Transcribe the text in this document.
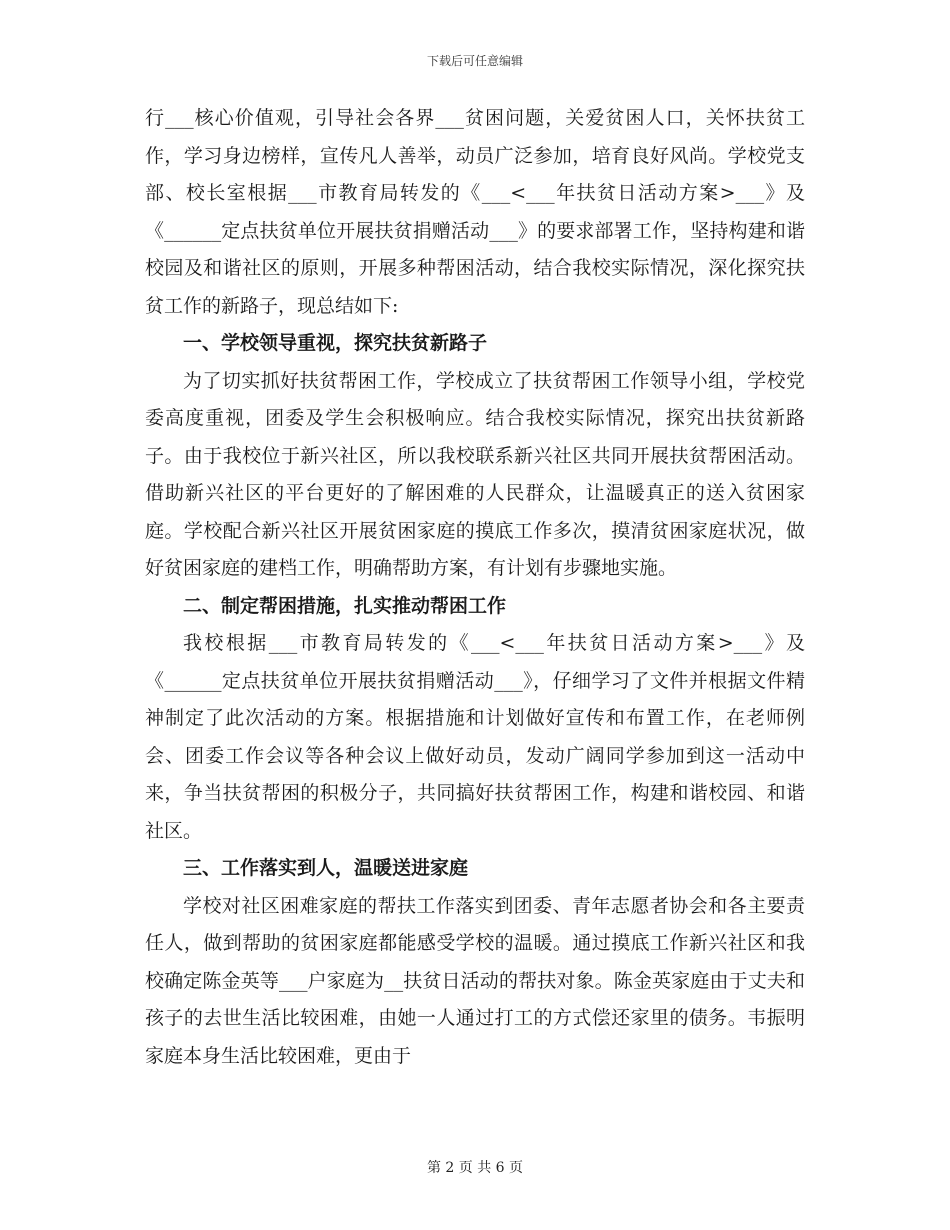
下载后可任意编辑

行___核心价值观，引导社会各界___贫困问题，关爱贫困人口，关怀扶贫工作，学习身边榜样，宣传凡人善举，动员广泛参加，培育良好风尚。学校党支部、校长室根据___市教育局转发的《___<___年扶贫日活动方案>___》及《______定点扶贫单位开展扶贫捐赠活动___》的要求部署工作，坚持构建和谐校园及和谐社区的原则，开展多种帮困活动，结合我校实际情况，深化探究扶贫工作的新路子，现总结如下:

一、学校领导重视，探究扶贫新路子

为了切实抓好扶贫帮困工作，学校成立了扶贫帮困工作领导小组，学校党委高度重视，团委及学生会积极响应。结合我校实际情况，探究出扶贫新路子。由于我校位于新兴社区，所以我校联系新兴社区共同开展扶贫帮困活动。借助新兴社区的平台更好的了解困难的人民群众，让温暖真正的送入贫困家庭。学校配合新兴社区开展贫困家庭的摸底工作多次，摸清贫困家庭状况，做好贫困家庭的建档工作，明确帮助方案，有计划有步骤地实施。

二、制定帮困措施，扎实推动帮困工作

我校根据___市教育局转发的《___<___年扶贫日活动方案>___》及《______定点扶贫单位开展扶贫捐赠活动___》，仔细学习了文件并根据文件精神制定了此次活动的方案。根据措施和计划做好宣传和布置工作，在老师例会、团委工作会议等各种会议上做好动员，发动广阔同学参加到这一活动中来，争当扶贫帮困的积极分子，共同搞好扶贫帮困工作，构建和谐校园、和谐社区。

三、工作落实到人，温暖送进家庭

学校对社区困难家庭的帮扶工作落实到团委、青年志愿者协会和各主要责任人，做到帮助的贫困家庭都能感受学校的温暖。通过摸底工作新兴社区和我校确定陈金英等___户家庭为__扶贫日活动的帮扶对象。陈金英家庭由于丈夫和孩子的去世生活比较困难，由她一人通过打工的方式偿还家里的债务。韦振明家庭本身生活比较困难，更由于

第 2 页 共 6 页
